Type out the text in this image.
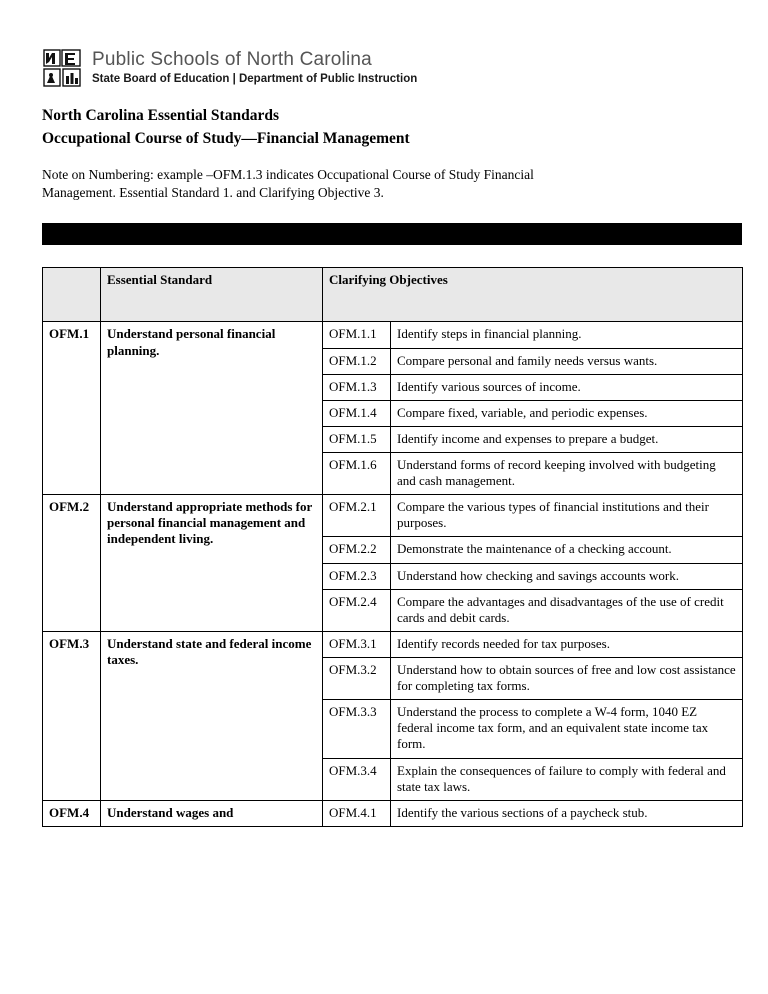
Public Schools of North Carolina
State Board of Education | Department of Public Instruction
North Carolina Essential Standards
Occupational Course of Study—Financial Management

Note on Numbering: example –OFM.1.3 indicates Occupational Course of Study Financial Management. Essential Standard 1. and Clarifying Objective 3.

	Essential Standard	Clarifying Objectives	
OFM.1	Understand personal financial planning.	OFM.1.1	Identify steps in financial planning.
		OFM.1.2	Compare personal and family needs versus wants.
		OFM.1.3	Identify various sources of income.
		OFM.1.4	Compare fixed, variable, and periodic expenses.
		OFM.1.5	Identify income and expenses to prepare a budget.
		OFM.1.6	Understand forms of record keeping involved with budgeting and cash management.
OFM.2	Understand appropriate methods for personal financial management and independent living.	OFM.2.1	Compare the various types of financial institutions and their purposes.
		OFM.2.2	Demonstrate the maintenance of a checking account.
		OFM.2.3	Understand how checking and savings accounts work.
		OFM.2.4	Compare the advantages and disadvantages of the use of credit cards and debit cards.
OFM.3	Understand state and federal income taxes.	OFM.3.1	Identify records needed for tax purposes.
		OFM.3.2	Understand how to obtain sources of free and low cost assistance for completing tax forms.
		OFM.3.3	Understand the process to complete a W-4 form, 1040 EZ federal income tax form, and an equivalent state income tax form.
		OFM.3.4	Explain the consequences of failure to comply with federal and state tax laws.
OFM.4	Understand wages and	OFM.4.1	Identify the various sections of a paycheck stub.
